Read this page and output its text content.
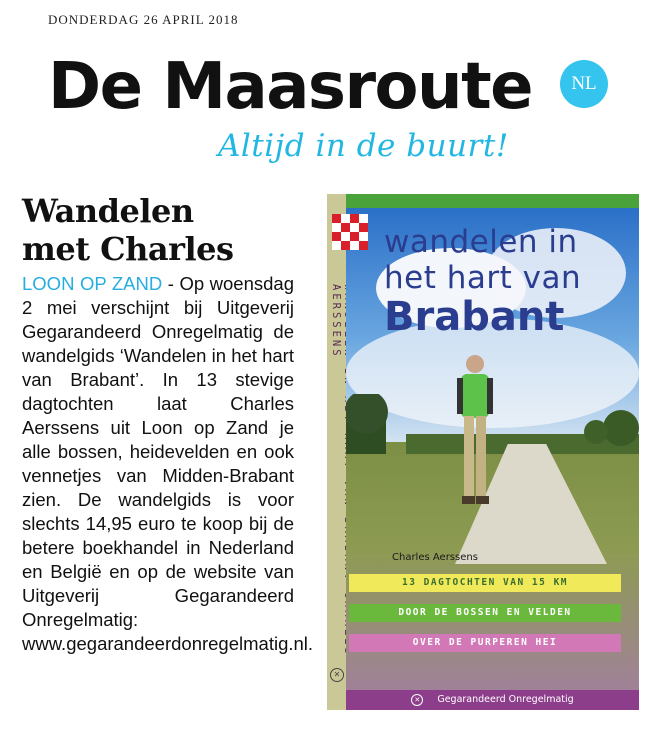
DONDERDAG 26 APRIL 2018
De Maasroute	NL
Altijd in de buurt!
Wandelen
met Charles

LOON OP ZAND - Op woensdag 2 mei verschijnt bij Uitgeverij Gegarandeerd Onregelmatig de wandelgids ‘Wandelen in het hart van Brabant’. In 13 stevige dagtochten laat Charles Aerssens uit Loon op Zand je alle bossen, heidevelden en ook vennetjes van Midden-Brabant zien. De wandelgids is voor slechts 14,95 euro te koop bij de betere boekhandel in Nederland en België en op de website van Uitgeverij Gegarandeerd Onregelmatig: www.gegarandeerdonregelmatig.nl.

AERSSENS
✕
wandelen in
het hart van
Brabant
Charles Aerssens
13 DAGTOCHTEN VAN 15 KM
DOOR DE BOSSEN EN VELDEN
OVER DE PURPEREN HEI
✕ Gegarandeerd Onregelmatig
